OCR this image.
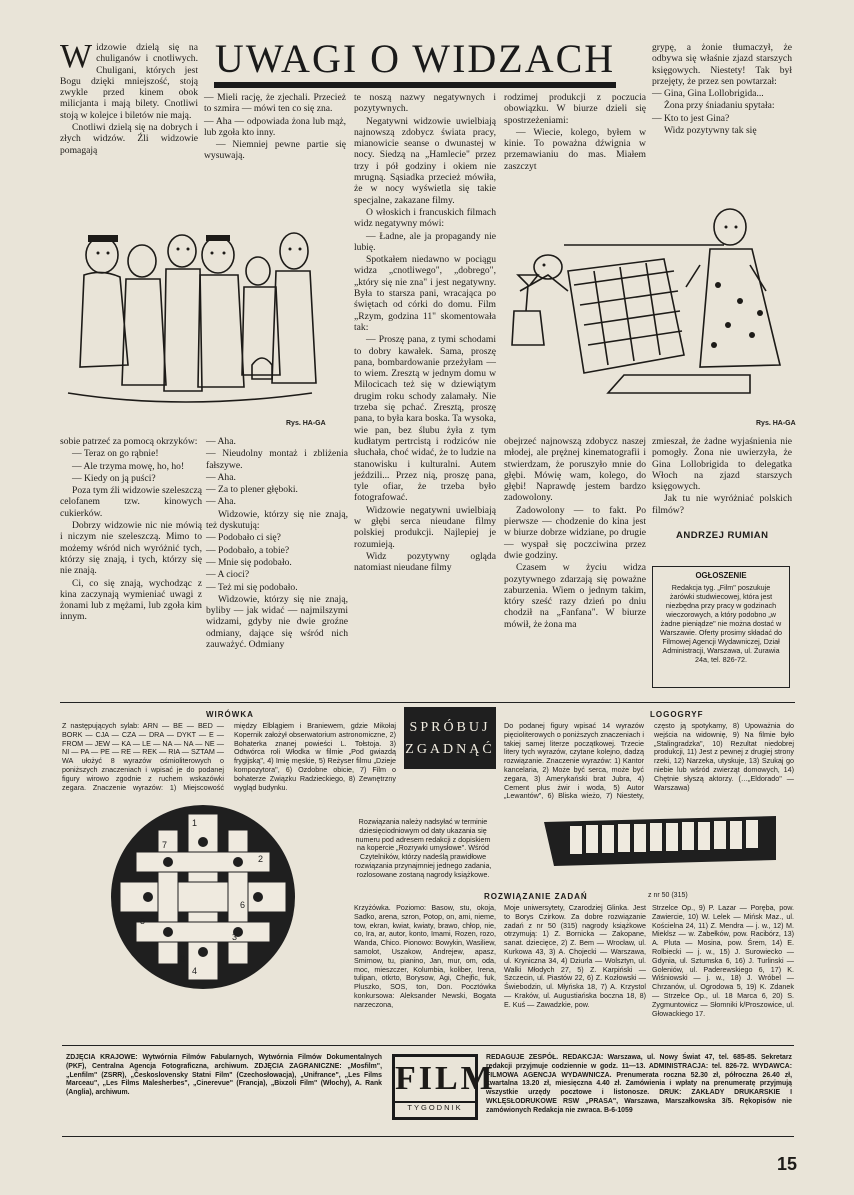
W idzowie dzielą się na chuliganów i cnotliwych. Chuligani, których jest Bogu dzięki mniejszość, stoją zwykle przed kinem obok milicjanta i mają bilety. Cnotliwi stoją w kolejce i biletów nie mają.

Cnotliwi dzielą się na dobrych i złych widzów. Źli widzowie pomagają

UWAGI O WIDZACH

— Mieli rację, że zjechali. Przecież to szmira — mówi ten co się zna.

— Aha — odpowiada żona lub mąż, lub zgoła kto inny.

— Niemniej pewne partie się wysuwają.

te noszą nazwy negatywnych i pozytywnych.

Negatywni widzowie uwielbiają najnowszą zdobycz świata pracy, mianowicie seanse o dwunastej w nocy. Siedzą na „Hamlecie" przez trzy i pół godziny i okiem nie mrugną. Sąsiadka przecież mówiła, że w nocy wyświetla się takie specjalne, zakazane filmy.

O włoskich i francuskich filmach widz negatywny mówi:

— Ładne, ale ja propagandy nie lubię.

Spotkałem niedawno w pociągu widza „cnotliwego", „dobrego", „który się nie zna" i jest negatywny. Była to starsza pani, wracająca po świętach od córki do domu. Film „Rzym, godzina 11" skomentowała tak:

— Proszę pana, z tymi schodami to dobry kawałek. Sama, proszę pana, bombardowanie przeżyłam — to wiem. Zresztą w jednym domu w Milocicach też się w dziewiątym drugim roku schody zalamały. Nie trzeba się pchać. Zresztą, proszę pana, to była kara boska. Ta wysoka, wie pan, bez ślubu żyła z tym kudłatym pertrcistą i rodziców nie słuchała, choć widać, że to ludzie na stanowisku i kulturalni. Autem jeździli... Przez nią, proszę pana, tyle ofiar, że trzeba było fotografować.

Widzowie negatywni uwielbiają w głębi serca nieudane filmy polskiej produkcji. Najlepiej je rozumieją.

Widz pozytywny ogląda natomiast nieudane filmy

rodzimej produkcji z poczucia obowiązku. W biurze dzieli się spostrzeżeniami:

— Wiecie, kolego, byłem w kinie. To poważna dźwignia w przemawianiu do mas. Miałem zaszczyt

grypę, a żonie tłumaczył, że odbywa się właśnie zjazd starszych księgowych. Niestety! Tak był przejęty, że przez sen powtarzał:

— Gina, Gina Lollobrigida...

Żona przy śniadaniu spytała:

— Kto to jest Gina?

Widz pozytywny tak się

Rys. HA-GA	Rys. HA-GA

sobie patrzeć za pomocą okrzyków:

— Teraz on go rąbnie!

— Ale trzyma mowę, ho, ho!

— Kiedy on ją puści?

Poza tym źli widzowie szeleszczą celofanem tzw. kinowych cukierków.

Dobrzy widzowie nic nie mówią i niczym nie szeleszczą. Mimo to możemy wśród nich wyróżnić tych, którzy się znają, i tych, którzy się nie znają.

Ci, co się znają, wychodząc z kina zaczynają wymieniać uwagi z żonami lub z mężami, lub zgoła kim innym.

— Aha.

— Nieudolny montaż i zbliżenia fałszywe.

— Aha.

— Za to plener głęboki.

— Aha.

Widzowie, którzy się nie znają, też dyskutują:

— Podobało ci się?

— Podobało, a tobie?

— Mnie się podobało.

— A cioci?

— Też mi się podobało.

Widzowie, którzy się nie znają, byliby — jak widać — najmilszymi widzami, gdyby nie dwie groźne odmiany, dające się wśród nich zauważyć. Odmiany

obejrzeć najnowszą zdobycz naszej młodej, ale prężnej kinematografii i stwierdzam, że poruszyło mnie do głębi. Mówię wam, kolego, do głębi! Naprawdę jestem bardzo zadowolony.

Zadowolony — to fakt. Po pierwsze — chodzenie do kina jest w biurze dobrze widziane, po drugie — wyspał się poczciwina przez dwie godziny.

Czasem w życiu widza pozytywnego zdarzają się poważne zaburzenia. Wiem o jednym takim, który sześć razy dzień po dniu chodził na „Fanfana". W biurze mówił, że żona ma

zmieszał, że żadne wyjaśnienia nie pomogły. Żona nie uwierzyła, że Gina Lollobrigida to delegatka Włoch na zjazd starszych księgowych.

Jak tu nie wyróżniać polskich filmów?

ANDRZEJ RUMIAN
OGŁOSZENIE
Redakcja tyg. „Film" poszukuje żarówki studwiecowej, która jest niezbędna przy pracy w godzinach wieczorowych, a który podobno „w żadne pieniądze" nie można dostać w Warszawie. Oferty prosimy składać do Filmowej Agencji Wydawniczej, Dział Administracji, Warszawa, ul. Żurawia 24a, tel. 826-72.
WIRÓWKA
Z następujących sylab: ARN — BE — BED — BORK — CJA — CZA — DRA — DYKT — E — FROM — JEW — KA — LE — NA — NA — NE — NI — PA — PE — RE — REK — RIA — SZTAM — WA ułożyć 8 wyrazów ośmioliterowych o poniższych znaczeniach i wpisać je do podanej figury wirowo zgodnie z ruchem wskazówki zegara. Znaczenie wyrazów: 1) Miejscowość między Elblągiem i Braniewem, gdzie Mikołaj Kopernik założył obserwatorium astronomiczne, 2) Bohaterka znanej powieści L. Tołstoja. 3) Odtwórca roli Włodka w filmie „Pod gwiazdą frygijską", 4) Imię męskie, 5) Reżyser filmu „Dzieje kompozytora", 6) Ozdobne obicie, 7) Film o bohaterze Związku Radzieckiego, 8) Zewnętrzny wygląd budynku.
SPRÓBUJ
ZGADNĄĆ
LOGOGRYF
Do podanej figury wpisać 14 wyrazów pięcioliterowych o poniższych znaczeniach i takiej samej literze początkowej. Trzecie litery tych wyrazów, czytane kolejno, dadzą rozwiązanie. Znaczenie wyrazów: 1) Kantor kancelaria, 2) Może być serca, może być zegara, 3) Amerykański brat Jubra, 4) Cement plus żwir i woda, 5) Autor „Lewantów", 6) Bliska wieżo, 7) Niestety, często ją spotykamy, 8) Upoważnia do wejścia na widownię, 9) Na filmie było „Stalingradzka", 10) Rezultat niedobrej produkcji, 11) Jest z pewnej z drugiej strony rzeki, 12) Narzeka, utyskuje, 13) Szukaj go niebie lub wśród zwierząt domowych, 14) Chętnie słyszą aktorzy. (…„Eldorado" — Warszawa)
1
2
3
4
5
6
7
8
Rozwiązania należy nadsyłać w terminie dziesięciodniowym od daty ukazania się numeru pod adresem redakcji z dopiskiem na kopercie „Rozrywki umysłowe". Wśród Czytelników, którzy nadeślą prawidłowe rozwiązania przynajmniej jednego zadania, rozlosowane zostaną nagrody książkowe.
ROZWIĄZANIE ZADAŃ	z nr 50 (315)
Krzyżówka. Poziomo: Basow, stu, okoja, Sadko, arena, szron, Potop, on, ami, nieme, tow, ekran, kwiat, kwiaty, brawo, chłop, nie, co, Ira, ar, autor, konto, Imami, Rozen, rozo, Wanda, Chico. Pionowo: Bowykin, Wasiliew, samolot, Uszakow, Andrejew, apasz, Smirnow, tu, pianino, Jan, mur, om, oda, moc, mieszczer, Kolumbia, koliber, Irena, tulipan, otkrto, Borysow, Agi, Chejfic, fuk, Pluszko, SOS, ton, Don. Pocztówka konkursowa: Aleksander Newski, Bogata narzeczona,
Moje uniwersytety, Czarodziej Glinka. Jest to Borys Czirkow. Za dobre rozwiązanie zadań z nr 50 (315) nagrody książkowe otrzymują: 1) Z. Bornicka — Zakopane, sanat. dziecięce, 2) Z. Bem — Wrocław, ul. Kurkowa 43, 3) A. Chojecki — Warszawa, ul. Kryniczna 34, 4) Dziurla — Wolsztyn, ul. Walki Młodych 27, 5) Z. Karpiński — Szczecin, ul. Piastów 22, 6) Z. Kozłowski — Świebodzin, ul. Młyńska 18, 7) A. Krzystol — Kraków, ul. Augustiańska boczna 18, 8) E. Kuś — Zawadzkie, pow.
Strzelce Op., 9) P. Lazar — Poręba, pow. Zawiercie, 10) W. Lelek — Mińsk Maz., ul. Kościelna 24, 11) Z. Mendra — j. w., 12) M. Mieklsz — w. Zabełków, pow. Racibórz, 13) A. Pluta — Mosina, pow. Śrem, 14) E. Rolbiecki — j. w., 15) J. Surowiecko — Gdynia, ul. Sztumska 6, 16) J. Turlinski — Goleniów, ul. Paderewskiego 6, 17) K. Wiśniowski — j. w., 18) J. Wróbel — Chrzanów, ul. Ogrodowa 5, 19) K. Zdanek — Strzelce Op., ul. 18 Marca 6, 20) S. Zygmuntowicz — Słomniki k/Proszowice, ul. Głowackiego 17.
ZDJĘCIA KRAJOWE: Wytwórnia Filmów Fabularnych, Wytwórnia Filmów Dokumentalnych (PKF), Centralna Agencja Fotograficzna, archiwum. ZDJĘCIA ZAGRANICZNE: „Mosfilm", „Lenfilm" (ZSRR), „Československy Statni Film" (Czechosłowacja), „Unifrance", „Les Films Marceau", „Les Films Malesherbes", „Cinerevue" (Francja), „Bixzoli Film" (Włochy), A. Rank (Anglia), archiwum.	FILM
TYGODNIK
REDAGUJE ZESPÓŁ. REDAKCJA: Warszawa, ul. Nowy Świat 47, tel. 685-85. Sekretarz redakcji przyjmuje codziennie w godz. 11—13. ADMINISTRACJA: tel. 826-72. WYDAWCA: FILMOWA AGENCJA WYDAWNICZA. Prenumerata roczna 52.30 zł, półroczna 26.40 zł, kwartalna 13.20 zł, miesięczna 4.40 zł. Zamówienia i wpłaty na prenumeratę przyjmują wszystkie urzędy pocztowe i listonosze. DRUK: ZAKŁADY DRUKARSKIE I WKLĘSŁODRUKOWE RSW „PRASA", Warszawa, Marszałkowska 3/5. Rękopisów nie zamówionych Redakcja nie zwraca. B-6-1059
15
